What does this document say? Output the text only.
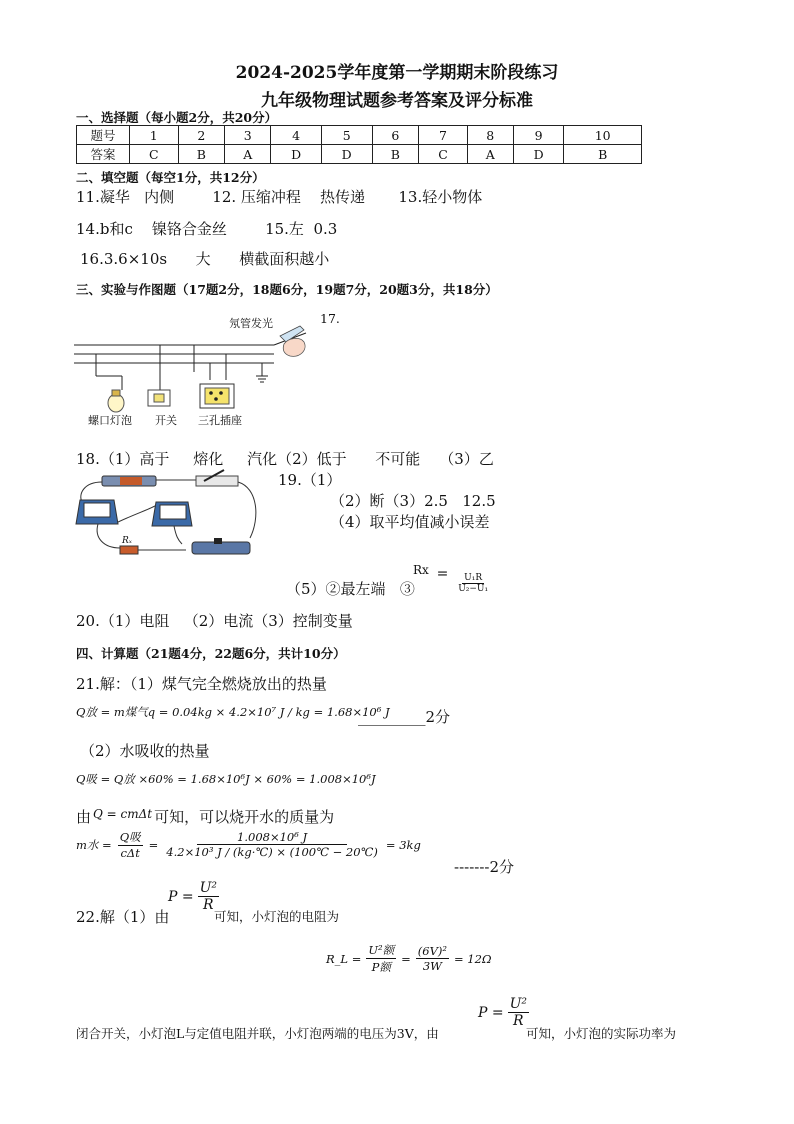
2024-2025学年度第一学期期末阶段练习
九年级物理试题参考答案及评分标准
一、选择题（每小题2分，共20分）
题号	1	2	3	4	5	6	7	8	9	10
答案	C	B	A	D	D	B	C	A	D	B
二、填空题（每空1分，共12分）
11.凝华   内侧        12. 压缩冲程    热传递       13.轻小物体
14.b和c    镍铬合金丝        15.左  0.3
16.3.6×10s      大      横截面积越小
三、实验与作图题（17题2分，18题6分，19题7分，20题3分，共18分）
17.
氖管发光
螺口灯泡 开关 三孔插座
18.（1）高于     熔化     汽化（2）低于      不可能    （3）乙
Rₓ
19.（1）
（2）断（3）2.5   12.5
（4）取平均值减小误差
（5）②最左端   ③
$Rx = \frac{\text{U₁R}}{\text{U₂−U₁}}$
20.（1）电阻   （2）电流（3）控制变量
四、计算题（21题4分，22题6分，共计10分）
21.解：（1）煤气完全燃烧放出的热量
Q放 = m煤气q = 0.04kg × 4.2×10⁷ J / kg = 1.68×10⁶ J
_________2分
（2）水吸收的热量
Q吸 = Q放 ×60% = 1.68×10⁶J × 60% = 1.008×10⁶J
由 $^{Q = cm\Delta t}$ 可知，可以烧开水的质量为
m水 = $\frac{\text{Q吸}}{\text{cΔt}} = \frac{\text{1.008×10⁶ J}}{\text{4.2×10³ J / (kg·℃) × (100℃ − 20℃)}} = 3kg$
-------2分
22.解（1）由
$P = \frac{\text{U²}}{R}$
可知，小灯泡的电阻为
R_L = $\frac{\text{U²额}}{\text{P额}} = \frac{\text{(6V)²}}{3W} = 12\Omega$
闭合开关，小灯泡L与定值电阻并联，小灯泡两端的电压为3V，由
$P = \frac{\text{U²}}{R}$
可知，小灯泡的实际功率为
